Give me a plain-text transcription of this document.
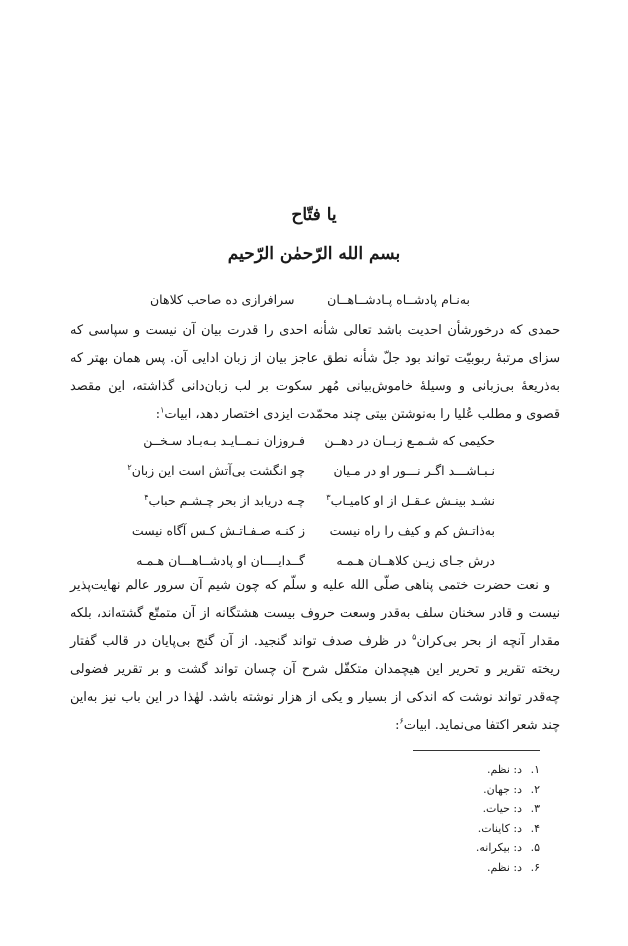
یا فتّاح
بسم الله الرّحمٰن الرّحیم
به‌نـام پادشــاه پـادشــاهــان
سرافرازی ده صاحب کلاهان
حمدی که درخورشأن احدیت باشد تعالی شأنه احدی را قدرت بیان آن نیست و سپاسی که سزای مرتبهٔ ربوبیّت تواند بود جلّ شأنه نطق عاجز بیان از زبان ادایی آن. پس همان بهتر که به‌ذریعهٔ بی‌زبانی و وسیلهٔ خاموش‌بیانی مُهر سکوت بر لب زبان‌دانی گذاشته، این مقصد قصوی و مطلب عُلیا را به‌نوشتن بیتی چند محمّدت ایزدی اختصار دهد، ابیات$^۱$:
حکیمی که شـمـع زبــان در دهــن
فـروزان نـمــایـد بـه‌بـاد سـخــن
نـبـاشـــد اگـر نـــور او در مـیان
چو انگشت بی‌آتش است این زبان$^۲$
نشـد بینـش عـقـل از او کامیـاب$^۳$
چـه دریابد از بحر چـشـم حباب$^۴$
به‌ذاتـش کم و کیف را راه نیست
ز کنـه صـفـاتـش کـس آگاه نیست
درش جـای زیـن کلاهــان هـمـه
گــدایــــان او پادشــاهـــان هـمـه
و نعت حضرت ختمی پناهی صلّی الله علیه و سلّم که چون شیم آن سرور عالم نهایت‌پذیر نیست و قادر سخنان سلف به‌قدر وسعت حروف بیست هشتگانه از آن متمتّع گشته‌اند، بلکه مقدار آنچه از بحر بی‌کران$^۵$ در ظرف صدف تواند گنجید. از آن گنج بی‌پایان در قالب گفتار ریخته تقریر و تحریر این هیچمدان متکفّل شرح آن چسان تواند گشت و بر تقریر فضولی چه‌قدر تواند نوشت که اندکی از بسیار و یکی از هزار نوشته باشد. لهٰذا در این باب نیز به‌این چند شعر اکتفا می‌نماید. ابیات$^۶$:
۱.د: نظم.
۲.د: جهان.
۳.د: حیات.
۴.د: کاینات.
۵.د: بیکرانه.
۶.د: نظم.
